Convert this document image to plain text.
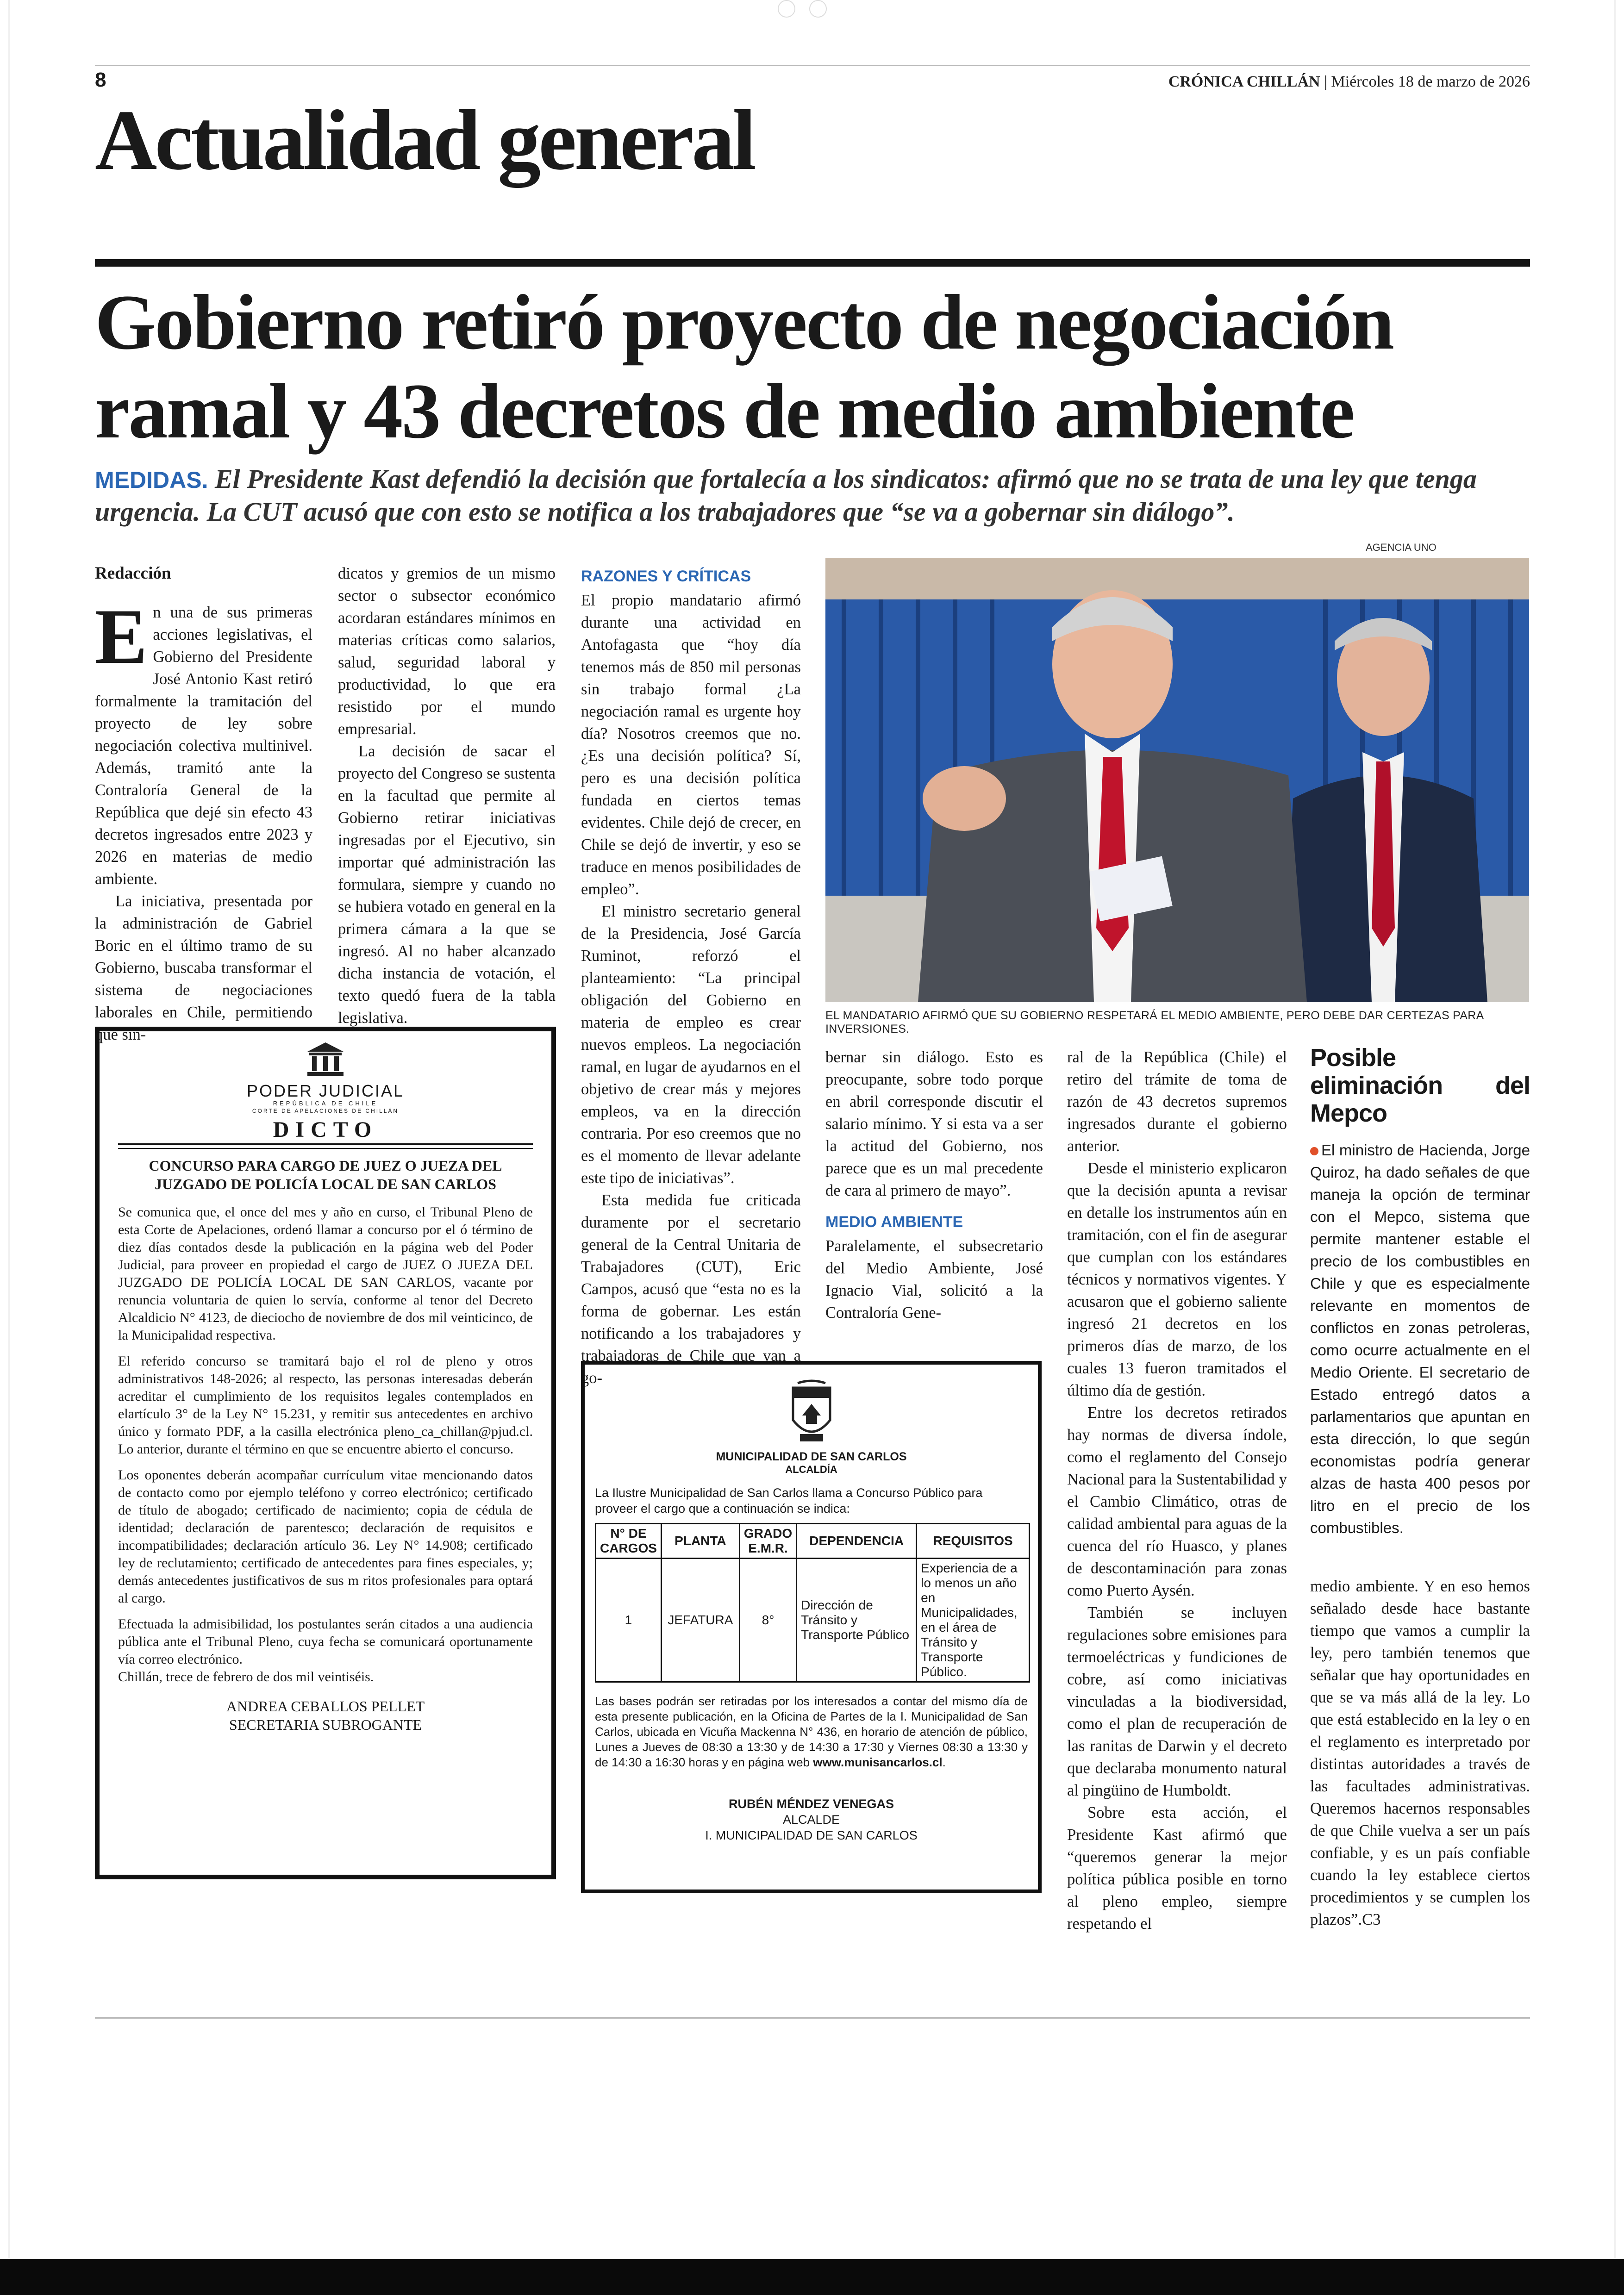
8	CRÓNICA CHILLÁN | Miércoles 18 de marzo de 2026
Actualidad general
Gobierno retiró proyecto de negociación ramal y 43 decretos de medio ambiente
MEDIDAS. El Presidente Kast defendió la decisión que fortalecía a los sindicatos: afirmó que no se trata de una ley que tenga urgencia. La CUT acusó que con esto se notifica a los trabajadores que “se va a gobernar sin diálogo”.
Redacción

En una de sus primeras acciones legislativas, el Gobierno del Presidente José Antonio Kast retiró formalmente la tramitación del proyecto de ley sobre negociación colectiva multinivel. Además, tramitó ante la Contraloría General de la República que dejé sin efecto 43 decretos ingresados entre 2023 y 2026 en materias de medio ambiente.

La iniciativa, presentada por la administración de Gabriel Boric en el último tramo de su Gobierno, buscaba transformar el sistema de negociaciones laborales en Chile, permitiendo que sin-

dicatos y gremios de un mismo sector o subsector económico acordaran estándares mínimos en materias críticas como salarios, salud, seguridad laboral y productividad, lo que era resistido por el mundo empresarial.

La decisión de sacar el proyecto del Congreso se sustenta en la facultad que permite al Gobierno retirar iniciativas ingresadas por el Ejecutivo, sin importar qué administración las formulara, siempre y cuando no se hubiera votado en general en la primera cámara a la que se ingresó. Al no haber alcanzado dicha instancia de votación, el texto quedó fuera de la tabla legislativa.

RAZONES Y CRÍTICAS

El propio mandatario afirmó durante una actividad en Antofagasta que “hoy día tenemos más de 850 mil personas sin trabajo formal ¿La negociación ramal es urgente hoy día? Nosotros creemos que no. ¿Es una decisión política? Sí, pero es una decisión política fundada en ciertos temas evidentes. Chile dejó de crecer, en Chile se dejó de invertir, y eso se traduce en menos posibilidades de empleo”.

El ministro secretario general de la Presidencia, José García Ruminot, reforzó el planteamiento: “La principal obligación del Gobierno en materia de empleo es crear nuevos empleos. La negociación ramal, en lugar de ayudarnos en el objetivo de crear más y mejores empleos, va en la dirección contraria. Por eso creemos que no es el momento de llevar adelante este tipo de iniciativas”.

Esta medida fue criticada duramente por el secretario general de la Central Unitaria de Trabajadores (CUT), Eric Campos, acusó que “esta no es la forma de gobernar. Les están notificando a los trabajadores y trabajadoras de Chile que van a go-

AGENCIA UNO
EL MANDATARIO AFIRMÓ QUE SU GOBIERNO RESPETARÁ EL MEDIO AMBIENTE, PERO DEBE DAR CERTEZAS PARA INVERSIONES.

bernar sin diálogo. Esto es preocupante, sobre todo porque en abril corresponde discutir el salario mínimo. Y si esta va a ser la actitud del Gobierno, nos parece que es un mal precedente de cara al primero de mayo”.

MEDIO AMBIENTE

Paralelamente, el subsecretario del Medio Ambiente, José Ignacio Vial, solicitó a la Contraloría Gene-

ral de la República (Chile) el retiro del trámite de toma de razón de 43 decretos supremos ingresados durante el gobierno anterior.

Desde el ministerio explicaron que la decisión apunta a revisar en detalle los instrumentos aún en tramitación, con el fin de asegurar que cumplan con los estándares técnicos y normativos vigentes. Y acusaron que el gobierno saliente ingresó 21 decretos en los primeros días de marzo, de los cuales 13 fueron tramitados el último día de gestión.

Entre los decretos retirados hay normas de diversa índole, como el reglamento del Consejo Nacional para la Sustentabilidad y el Cambio Climático, otras de calidad ambiental para aguas de la cuenca del río Huasco, y planes de descontaminación para zonas como Puerto Aysén.

También se incluyen regulaciones sobre emisiones para termoeléctricas y fundiciones de cobre, así como iniciativas vinculadas a la biodiversidad, como el plan de recuperación de las ranitas de Darwin y el decreto que declaraba monumento natural al pingüino de Humboldt.

Sobre esta acción, el Presidente Kast afirmó que “queremos generar la mejor política pública posible en torno al pleno empleo, siempre respetando el

Posible eliminación del Mepco

El ministro de Hacienda, Jorge Quiroz, ha dado señales de que maneja la opción de terminar con el Mepco, sistema que permite mantener estable el precio de los combustibles en Chile y que es especialmente relevante en momentos de conflictos en zonas petroleras, como ocurre actualmente en el Medio Oriente. El secretario de Estado entregó datos a parlamentarios que apuntan en esta dirección, lo que según economistas podría generar alzas de hasta 400 pesos por litro en el precio de los combustibles.

medio ambiente. Y en eso hemos señalado desde hace bastante tiempo que vamos a cumplir la ley, pero también tenemos que señalar que hay oportunidades en que se va más allá de la ley. Lo que está establecido en la ley o en el reglamento es interpretado por distintas autoridades a través de las facultades administrativas. Queremos hacernos responsables de que Chile vuelva a ser un país confiable, y es un país confiable cuando la ley establece ciertos procedimientos y se cumplen los plazos”.C3

PODER JUDICIAL
REPÚBLICA DE CHILE
CORTE DE APELACIONES DE CHILLÁN
DICTO
CONCURSO PARA CARGO DE JUEZ O JUEZA DEL JUZGADO DE POLICÍA LOCAL DE SAN CARLOS

Se comunica que, el once del mes y año en curso, el Tribunal Pleno de esta Corte de Apelaciones, ordenó llamar a concurso por el ó término de diez días contados desde la publicación en la página web del Poder Judicial, para proveer en propiedad el cargo de JUEZ O JUEZA DEL JUZGADO DE POLICÍA LOCAL DE SAN CARLOS, vacante por renuncia voluntaria de quien lo servía, conforme al tenor del Decreto Alcaldicio N° 4123, de dieciocho de noviembre de dos mil veinticinco, de la Municipalidad respectiva.

El referido concurso se tramitará bajo el rol de pleno y otros administrativos 148-2026; al respecto, las personas interesadas deberán acreditar el cumplimiento de los requisitos legales contemplados en elartículo 3° de la Ley N° 15.231, y remitir sus antecedentes en archivo único y formato PDF, a la casilla electrónica pleno_ca_chillan@pjud.cl. Lo anterior, durante el término en que se encuentre abierto el concurso.

Los oponentes deberán acompañar currículum vitae mencionando datos de contacto como por ejemplo teléfono y correo electrónico; certificado de título de abogado; certificado de nacimiento; copia de cédula de identidad; declaración de parentesco; declaración de requisitos e incompatibilidades; declaración artículo 36. Ley N° 14.908; certificado ley de reclutamiento; certificado de antecedentes para fines especiales, y; demás antecedentes justificativos de sus m ritos profesionales para optará al cargo.

Efectuada la admisibilidad, los postulantes serán citados a una audiencia pública ante el Tribunal Pleno, cuya fecha se comunicará oportunamente vía correo electrónico.

Chillán, trece de febrero de dos mil veintiséis.

ANDREA CEBALLOS PELLET
SECRETARIA SUBROGANTE
MUNICIPALIDAD DE SAN CARLOS
ALCALDÍA
La Ilustre Municipalidad de San Carlos llama a Concurso Público para proveer el cargo que a continuación se indica:
N° DE CARGOS	PLANTA	GRADO E.M.R.	DEPENDENCIA	REQUISITOS
1	JEFATURA	8°	Dirección de Tránsito y Transporte Público	Experiencia de a lo menos un año en Municipalidades, en el área de Tránsito y Transporte Público.
Las bases podrán ser retiradas por los interesados a contar del mismo día de esta presente publicación, en la Oficina de Partes de la I. Municipalidad de San Carlos, ubicada en Vicuña Mackenna N° 436, en horario de atención de público, Lunes a Jueves de 08:30 a 13:30 y de 14:30 a 17:30 y Viernes 08:30 a 13:30 y de 14:30 a 16:30 horas y en página web www.munisancarlos.cl.
RUBÉN MÉNDEZ VENEGAS
ALCALDE
I. MUNICIPALIDAD DE SAN CARLOS
